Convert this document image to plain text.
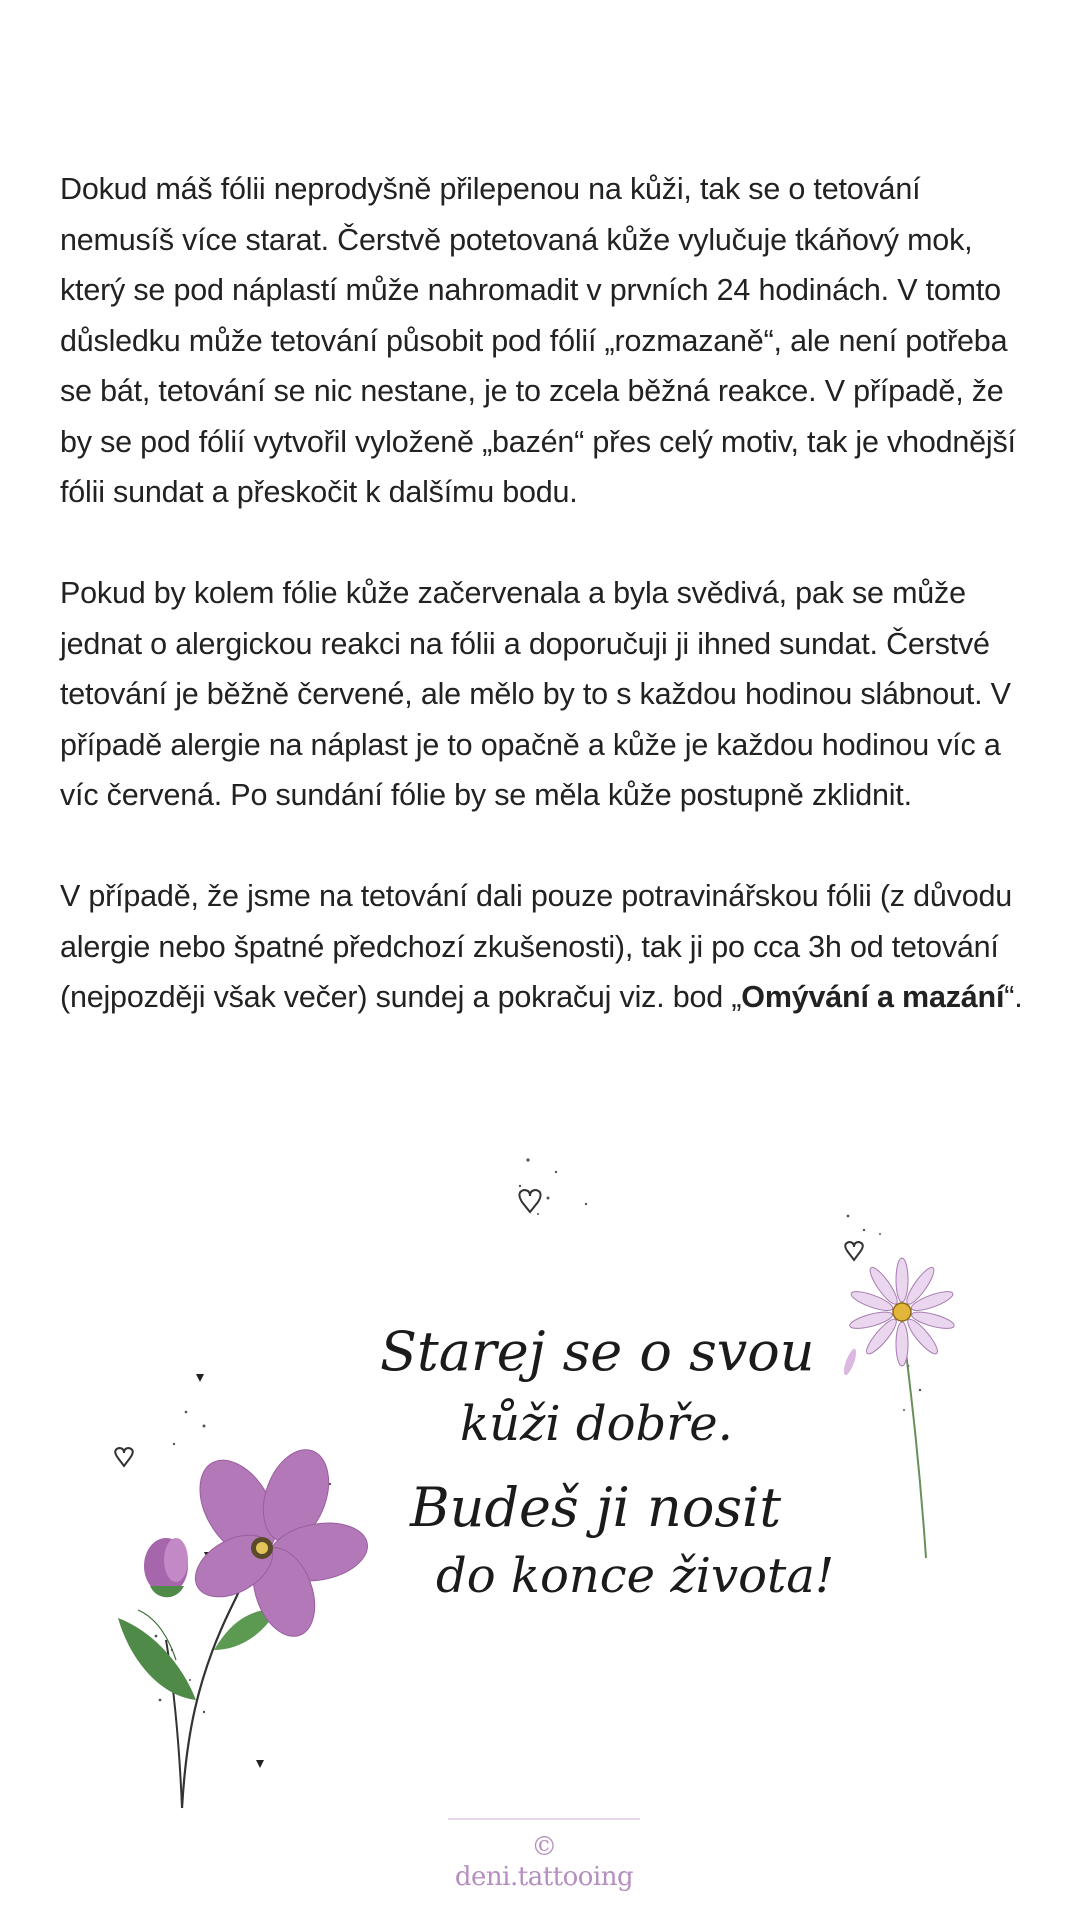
Dokud máš fólii neprodyšně přilepenou na kůži, tak se o tetování nemusíš více starat. Čerstvě potetovaná kůže vylučuje tkáňový mok, který se pod náplastí může nahromadit v prvních 24 hodinách. V tomto důsledku může tetování působit pod fólií „rozmazaně“, ale není potřeba se bát, tetování se nic nestane, je to zcela běžná reakce. V případě, že by se pod fólií vytvořil vyloženě „bazén“ přes celý motiv, tak je vhodnější fólii sundat a přeskočit k dalšímu bodu.

Pokud by kolem fólie kůže začervenala a byla svědivá, pak se může jednat o alergickou reakci na fólii a doporučuji ji ihned sundat. Čerstvé tetování je běžně červené, ale mělo by to s každou hodinou slábnout. V případě alergie na náplast je to opačně a kůže je každou hodinou víc a víc červená. Po sundání fólie by se měla kůže postupně zklidnit.

V případě, že jsme na tetování dali pouze potravinářskou fólii (z důvodu alergie nebo špatné předchozí zkušenosti), tak ji po cca 3h od tetování (nejpozději však večer) sundej a pokračuj viz. bod „Omývání a mazání“.

Starej se o svou
kůži dobře.
Budeš ji nosit
do konce života!
© deni.tattooing
